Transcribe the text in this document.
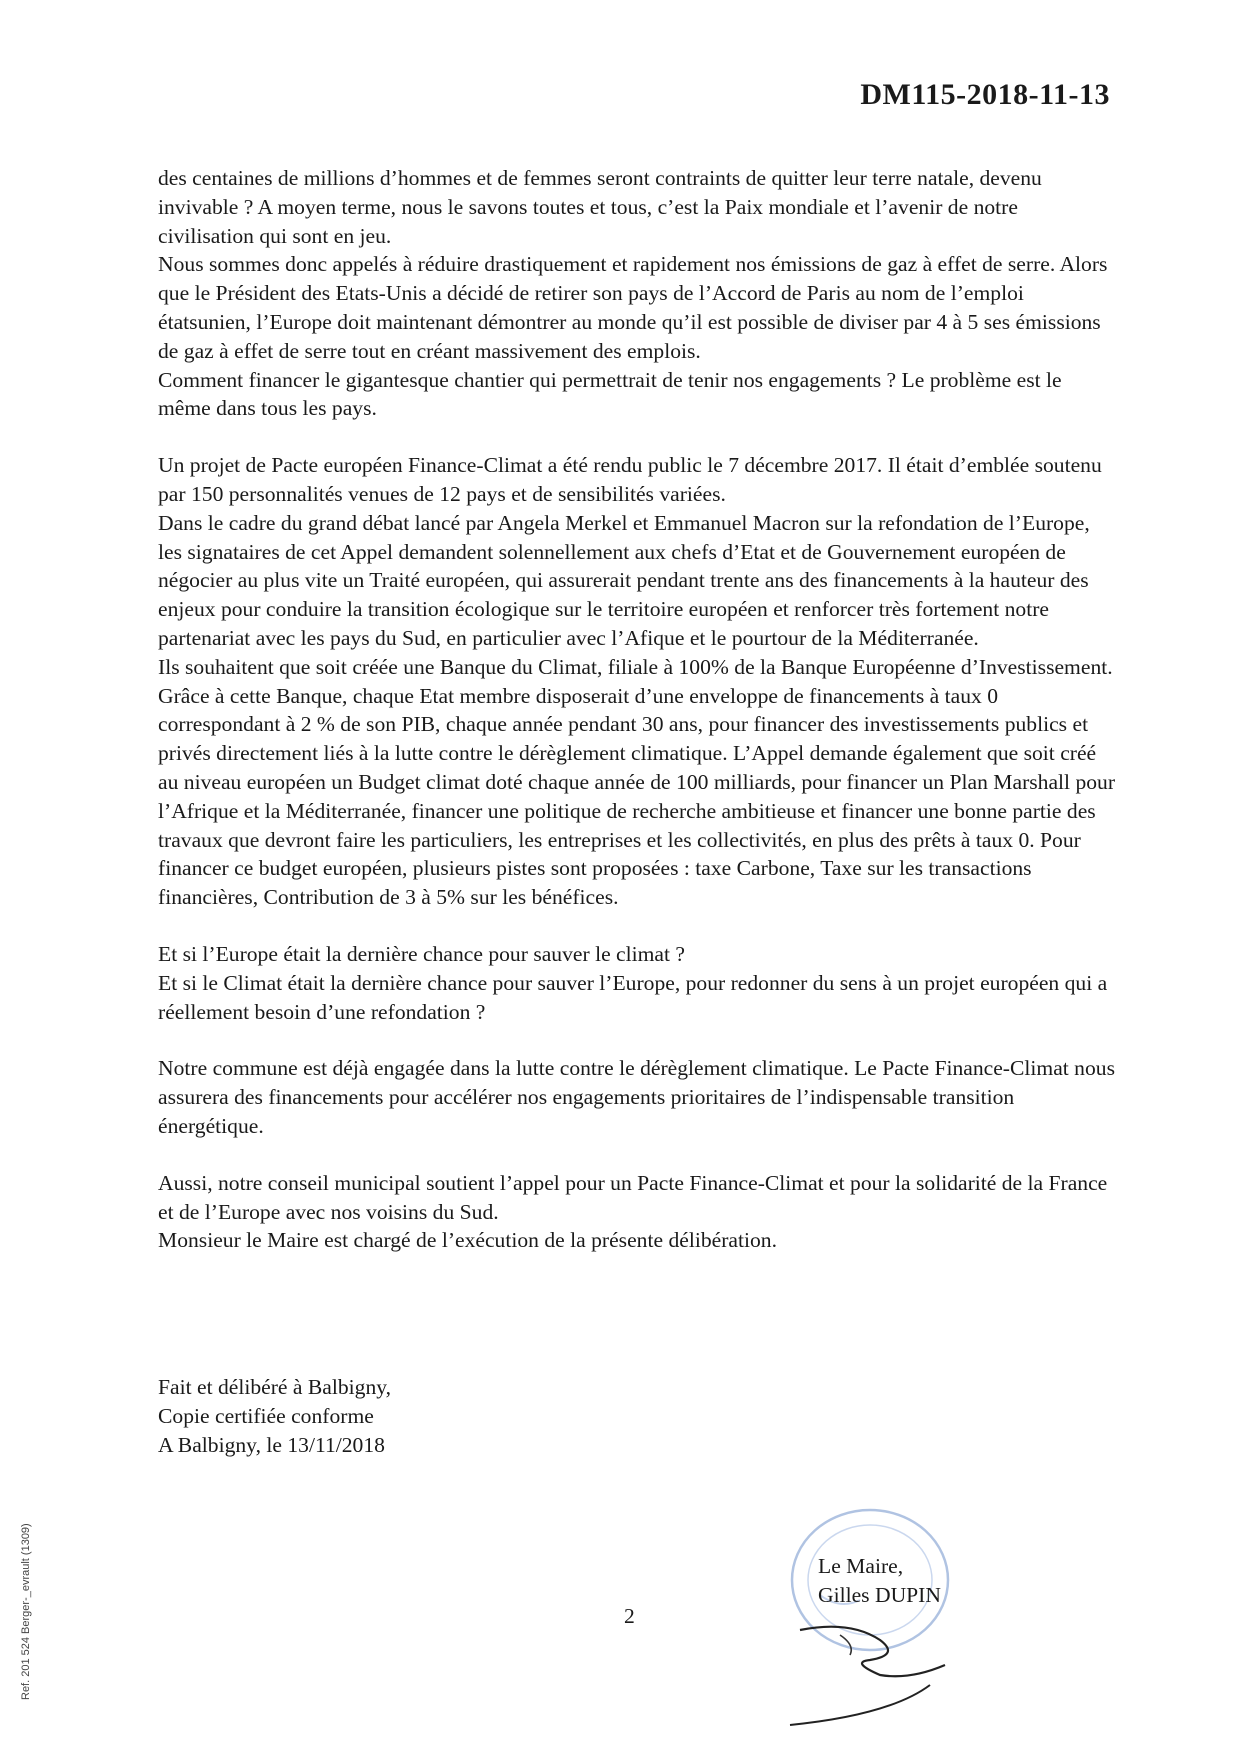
DM115-2018-11-13

des centaines de millions d’hommes et de femmes seront contraints de quitter leur terre natale, devenu invivable ? A moyen terme, nous le savons toutes et tous, c’est la Paix mondiale et l’avenir de notre civilisation qui sont en jeu.

Nous sommes donc appelés à réduire drastiquement et rapidement nos émissions de gaz à effet de serre. Alors que le Président des Etats-Unis a décidé de retirer son pays de l’Accord de Paris au nom de l’emploi étatsunien, l’Europe doit maintenant démontrer au monde qu’il est possible de diviser par 4 à 5 ses émissions de gaz à effet de serre tout en créant massivement des emplois.

Comment financer le gigantesque chantier qui permettrait de tenir nos engagements ? Le problème est le même dans tous les pays.

Un projet de Pacte européen Finance-Climat a été rendu public le 7 décembre 2017. Il était d’emblée soutenu par 150 personnalités venues de 12 pays et de sensibilités variées.

Dans le cadre du grand débat lancé par Angela Merkel et Emmanuel Macron sur la refondation de l’Europe, les signataires de cet Appel demandent solennellement aux chefs d’Etat et de Gouvernement européen de négocier au plus vite un Traité européen, qui assurerait pendant trente ans des financements à la hauteur des enjeux pour conduire la transition écologique sur le territoire européen et renforcer très fortement notre partenariat avec les pays du Sud, en particulier avec l’Afique et le pourtour de la Méditerranée.

Ils souhaitent que soit créée une Banque du Climat, filiale à 100% de la Banque Européenne d’Investissement. Grâce à cette Banque, chaque Etat membre disposerait d’une enveloppe de financements à taux 0 correspondant à 2 % de son PIB, chaque année pendant 30 ans, pour financer des investissements publics et privés directement liés à la lutte contre le dérèglement climatique. L’Appel demande également que soit créé au niveau européen un Budget climat doté chaque année de 100 milliards, pour financer un Plan Marshall pour l’Afrique et la Méditerranée, financer une politique de recherche ambitieuse et financer une bonne partie des travaux que devront faire les particuliers, les entreprises et les collectivités, en plus des prêts à taux 0. Pour financer ce budget européen, plusieurs pistes sont proposées : taxe Carbone, Taxe sur les transactions financières, Contribution de 3 à 5% sur les bénéfices.

Et si l’Europe était la dernière chance pour sauver le climat ?

Et si le Climat était la dernière chance pour sauver l’Europe, pour redonner du sens à un projet européen qui a réellement besoin d’une refondation ?

Notre commune est déjà engagée dans la lutte contre le dérèglement climatique. Le Pacte Finance-Climat nous assurera des financements pour accélérer nos engagements prioritaires de l’indispensable transition énergétique.

Aussi, notre conseil municipal soutient l’appel pour un Pacte Finance-Climat et pour la solidarité de la France et de l’Europe avec nos voisins du Sud.

Monsieur le Maire est chargé de l’exécution de la présente délibération.

Fait et délibéré à Balbigny,
Copie certifiée conforme
A Balbigny, le 13/11/2018
Le Maire,
Gilles DUPIN
2
Ref. 201 524 Berger-_evrault (1309)
